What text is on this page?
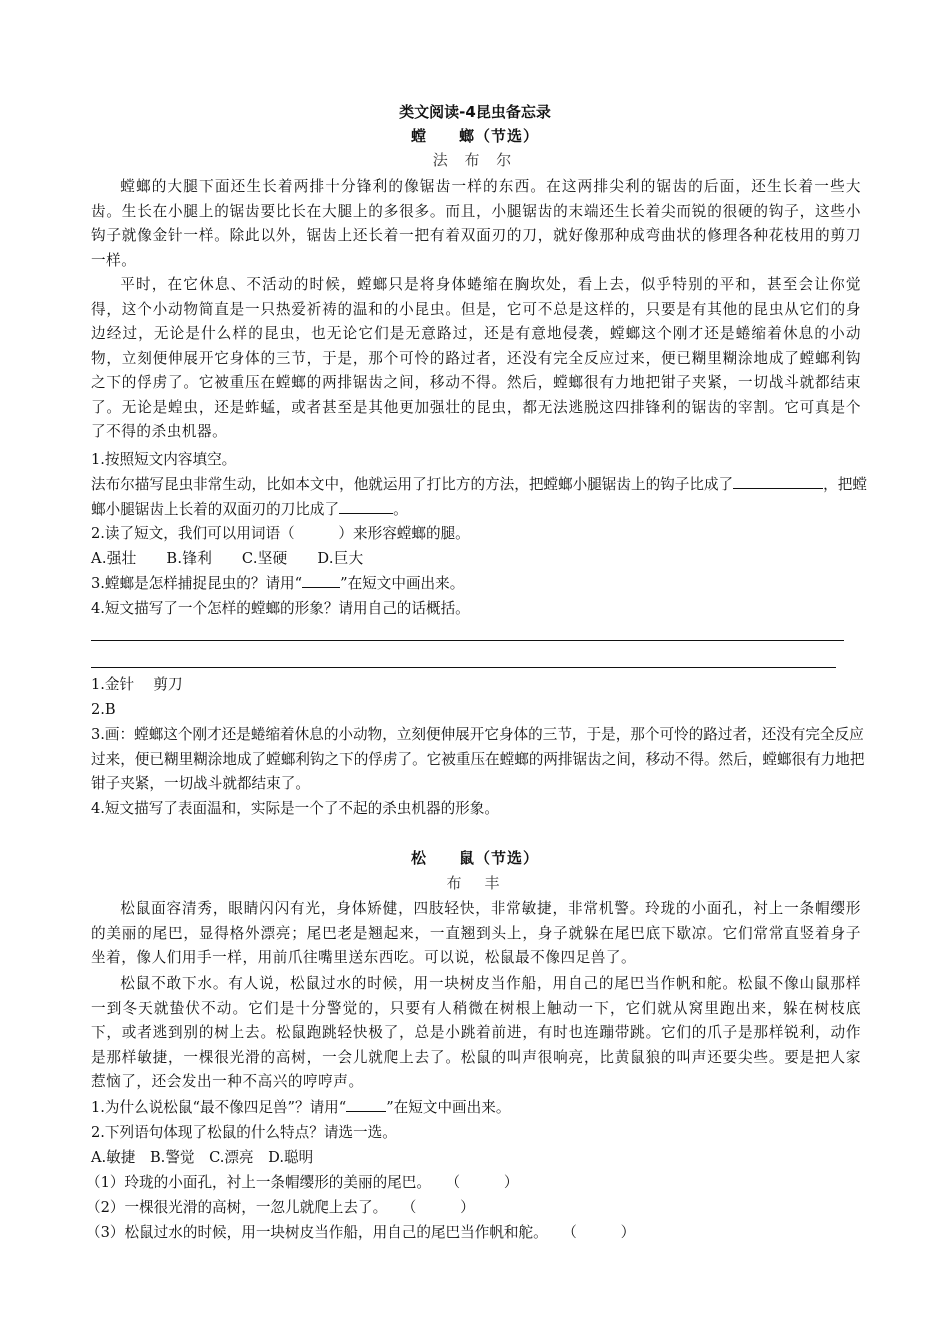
类文阅读-4昆虫备忘录
螳　　螂（节选）
法 布 尔
螳螂的大腿下面还生长着两排十分锋利的像锯齿一样的东西。在这两排尖利的锯齿的后面，还生长着一些大齿。生长在小腿上的锯齿要比长在大腿上的多很多。而且，小腿锯齿的末端还生长着尖而锐的很硬的钩子，这些小钩子就像金针一样。除此以外，锯齿上还长着一把有着双面刃的刀，就好像那种成弯曲状的修理各种花枝用的剪刀一样。
平时，在它休息、不活动的时候，螳螂只是将身体蜷缩在胸坎处，看上去，似乎特别的平和，甚至会让你觉得，这个小动物简直是一只热爱祈祷的温和的小昆虫。但是，它可不总是这样的，只要是有其他的昆虫从它们的身边经过，无论是什么样的昆虫，也无论它们是无意路过，还是有意地侵袭，螳螂这个刚才还是蜷缩着休息的小动物，立刻便伸展开它身体的三节，于是，那个可怜的路过者，还没有完全反应过来，便已糊里糊涂地成了螳螂利钩之下的俘虏了。它被重压在螳螂的两排锯齿之间，移动不得。然后，螳螂很有力地把钳子夹紧，一切战斗就都结束了。无论是蝗虫，还是蚱蜢，或者甚至是其他更加强壮的昆虫，都无法逃脱这四排锋利的锯齿的宰割。它可真是个了不得的杀虫机器。
1.按照短文内容填空。
法布尔描写昆虫非常生动，比如本文中，他就运用了打比方的方法，把螳螂小腿锯齿上的钩子比成了	，把螳螂小腿锯齿上长着的双面刃的刀比成了	。
2.读了短文，我们可以用词语（　　　）来形容螳螂的腿。
A.强壮　　B.锋利　　C.坚硬　　D.巨大
3.螳螂是怎样捕捉昆虫的？请用“	”在短文中画出来。
4.短文描写了一个怎样的螳螂的形象？请用自己的话概括。
1.金针　 剪刀
2.B
3.画：螳螂这个刚才还是蜷缩着休息的小动物，立刻便伸展开它身体的三节，于是，那个可怜的路过者，还没有完全反应过来，便已糊里糊涂地成了螳螂利钩之下的俘虏了。它被重压在螳螂的两排锯齿之间，移动不得。然后，螳螂很有力地把钳子夹紧，一切战斗就都结束了。
4.短文描写了表面温和，实际是一个了不起的杀虫机器的形象。
松　　鼠（节选）
布　丰
松鼠面容清秀，眼睛闪闪有光，身体矫健，四肢轻快，非常敏捷，非常机警。玲珑的小面孔，衬上一条帽缨形的美丽的尾巴，显得格外漂亮；尾巴老是翘起来，一直翘到头上，身子就躲在尾巴底下歇凉。它们常常直竖着身子坐着，像人们用手一样，用前爪往嘴里送东西吃。可以说，松鼠最不像四足兽了。
松鼠不敢下水。有人说，松鼠过水的时候，用一块树皮当作船，用自己的尾巴当作帆和舵。松鼠不像山鼠那样一到冬天就蛰伏不动。它们是十分警觉的，只要有人稍微在树根上触动一下，它们就从窝里跑出来，躲在树枝底下，或者逃到别的树上去。松鼠跑跳轻快极了，总是小跳着前进，有时也连蹦带跳。它们的爪子是那样锐利，动作是那样敏捷，一棵很光滑的高树，一会儿就爬上去了。松鼠的叫声很响亮，比黄鼠狼的叫声还要尖些。要是把人家惹恼了，还会发出一种不高兴的哼哼声。
1.为什么说松鼠“最不像四足兽”？请用“	”在短文中画出来。
2.下列语句体现了松鼠的什么特点？请选一选。
A.敏捷　B.警觉　C.漂亮　D.聪明
（1）玲珑的小面孔，衬上一条帽缨形的美丽的尾巴。　　（　　　）
（2）一棵很光滑的高树，一忽儿就爬上去了。　　（　　　）
（3）松鼠过水的时候，用一块树皮当作船，用自己的尾巴当作帆和舵。　　（　　　）
